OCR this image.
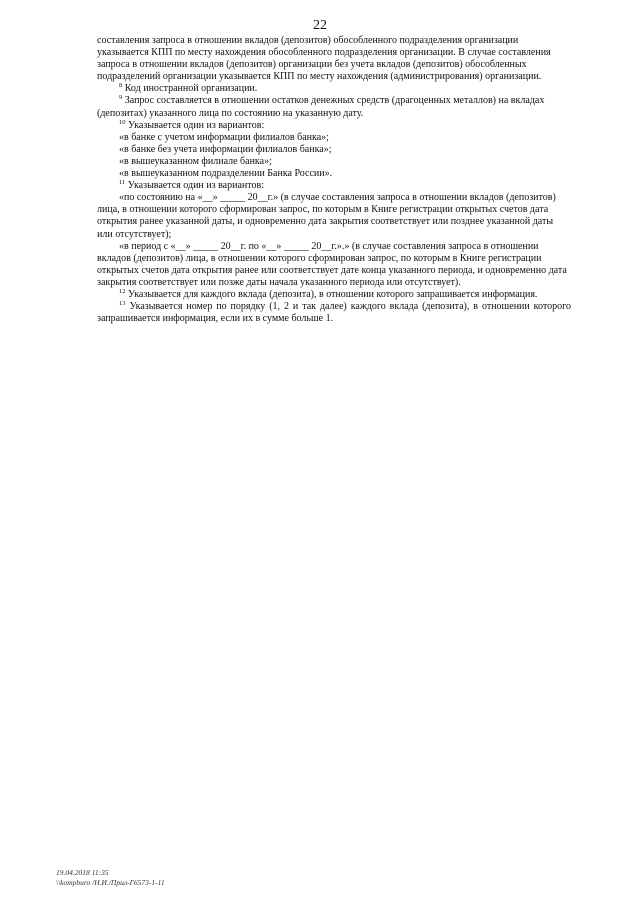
22

составления запроса в отношении вкладов (депозитов) обособленного подразделения организации указывается КПП по месту нахождения обособленного подразделения организации. В случае составления запроса в отношении вкладов (депозитов) организации без учета вкладов (депозитов) обособленных подразделений организации указывается КПП по месту нахождения (администрирования) организации.

$^8$ Код иностранной организации.

$^9$ Запрос составляется в отношении остатков денежных средств (драгоценных металлов) на вкладах (депозитах) указанного лица по состоянию на указанную дату.

$^{10}$ Указывается один из вариантов:

«в банке с учетом информации филиалов банка»;

«в банке без учета информации филиалов банка»;

«в вышеуказанном филиале банка»;

«в вышеуказанном подразделении Банка России».

$^{11}$ Указывается один из вариантов:

«по состоянию на «__» _____ 20__г.» (в случае составления запроса в отношении вкладов (депозитов) лица, в отношении которого сформирован запрос, по которым в Книге регистрации открытых счетов дата открытия ранее указанной даты, и одновременно дата закрытия соответствует или позднее указанной даты или отсутствует);

«в период с «__» _____ 20__г. по «__» _____ 20__г.».» (в случае составления запроса в отношении вкладов (депозитов) лица, в отношении которого сформирован запрос, по которым в Книге регистрации открытых счетов дата открытия ранее или соответствует дате конца указанного периода, и одновременно дата закрытия соответствует или позже даты начала указанного периода или отсутствует).

$^{12}$ Указывается для каждого вклада (депозита), в отношении которого запрашивается информация.

$^{13}$ Указывается номер по порядку (1, 2 и так далее) каждого вклада (депозита), в отношении которого запрашивается информация, если их в сумме больше 1.

19.04.2018 11:35
\\kompburo /Н.И./Прил-Г6573-1-11
